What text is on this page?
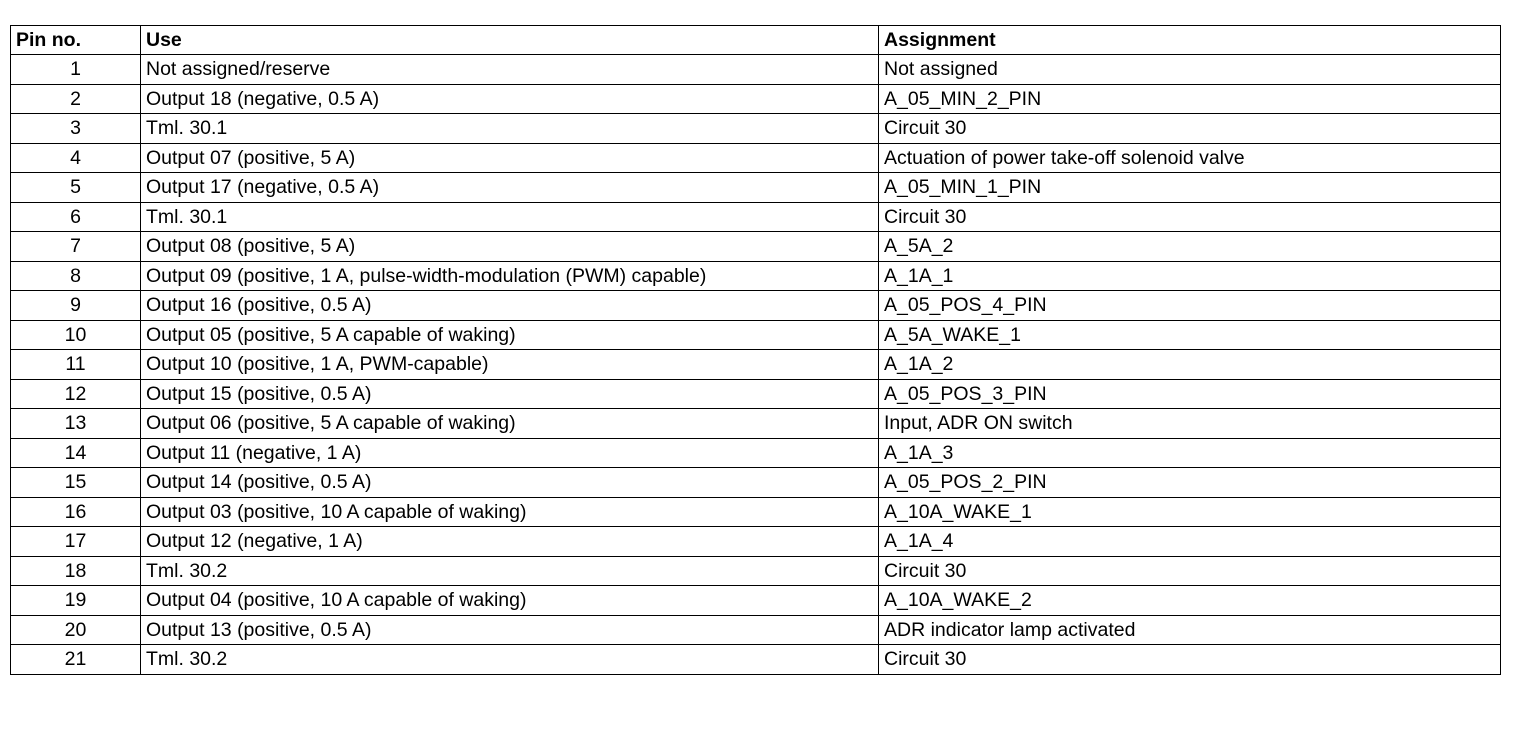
Pin no.	Use	Assignment
1	Not assigned/reserve	Not assigned
2	Output 18 (negative, 0.5 A)	A_05_MIN_2_PIN
3	Tml. 30.1	Circuit 30
4	Output 07 (positive, 5 A)	Actuation of power take-off solenoid valve
5	Output 17 (negative, 0.5 A)	A_05_MIN_1_PIN
6	Tml. 30.1	Circuit 30
7	Output 08 (positive, 5 A)	A_5A_2
8	Output 09 (positive, 1 A, pulse-width-modulation (PWM) capable)	A_1A_1
9	Output 16 (positive, 0.5 A)	A_05_POS_4_PIN
10	Output 05 (positive, 5 A capable of waking)	A_5A_WAKE_1
11	Output 10 (positive, 1 A, PWM-capable)	A_1A_2
12	Output 15 (positive, 0.5 A)	A_05_POS_3_PIN
13	Output 06 (positive, 5 A capable of waking)	Input, ADR ON switch
14	Output 11 (negative, 1 A)	A_1A_3
15	Output 14 (positive, 0.5 A)	A_05_POS_2_PIN
16	Output 03 (positive, 10 A capable of waking)	A_10A_WAKE_1
17	Output 12 (negative, 1 A)	A_1A_4
18	Tml. 30.2	Circuit 30
19	Output 04 (positive, 10 A capable of waking)	A_10A_WAKE_2
20	Output 13 (positive, 0.5 A)	ADR indicator lamp activated
21	Tml. 30.2	Circuit 30
